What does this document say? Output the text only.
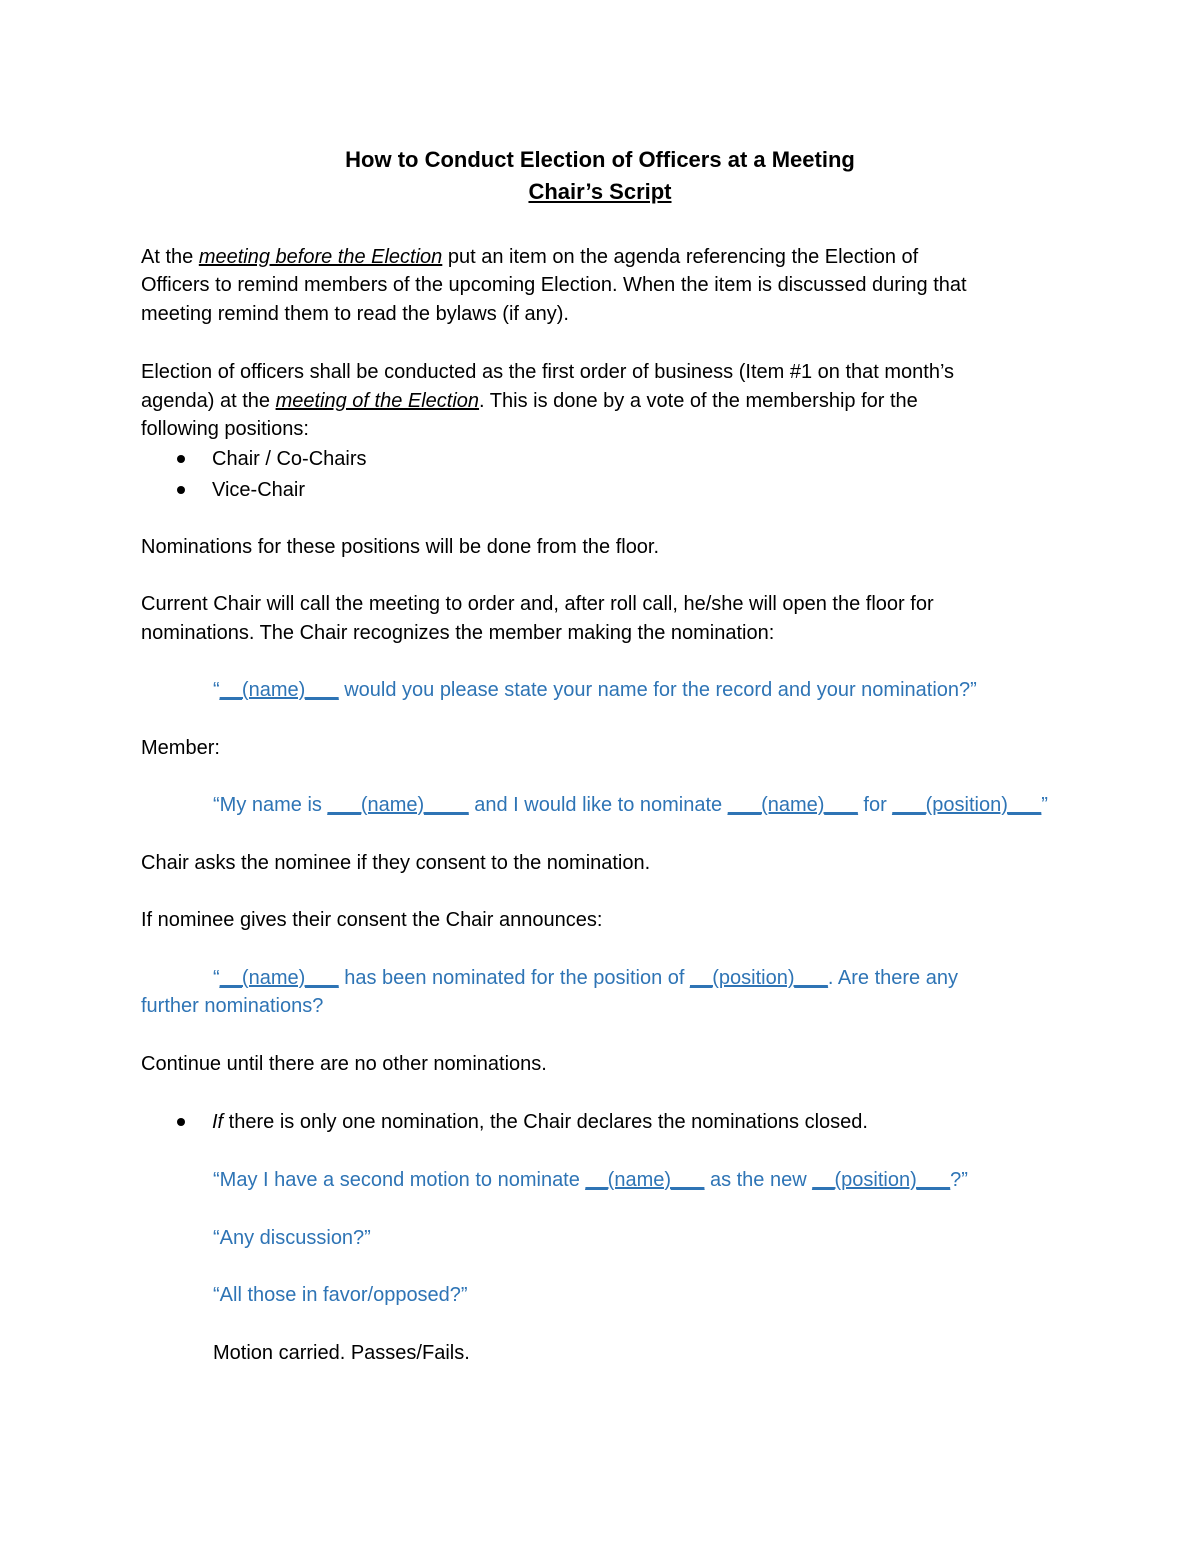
How to Conduct Election of Officers at a Meeting
Chair’s Script
At the meeting before the Election put an item on the agenda referencing the Election of
Officers to remind members of the upcoming Election. When the item is discussed during that
meeting remind them to read the bylaws (if any).
Election of officers shall be conducted as the first order of business (Item #1 on that month’s
agenda) at the meeting of the Election. This is done by a vote of the membership for the
following positions:
Chair / Co-Chairs
Vice-Chair
Nominations for these positions will be done from the floor.
Current Chair will call the meeting to order and, after roll call, he/she will open the floor for
nominations. The Chair recognizes the member making the nomination:
“__(name)___ would you please state your name for the record and your nomination?”
Member:
“My name is ___(name)____ and I would like to nominate ___(name)___ for ___(position)___”
Chair asks the nominee if they consent to the nomination.
If nominee gives their consent the Chair announces:
“__(name)___ has been nominated for the position of __(position)___. Are there any
further nominations?
Continue until there are no other nominations.
If there is only one nomination, the Chair declares the nominations closed.
“May I have a second motion to nominate __(name)___ as the new __(position)___?”
“Any discussion?”
“All those in favor/opposed?”
Motion carried. Passes/Fails.
